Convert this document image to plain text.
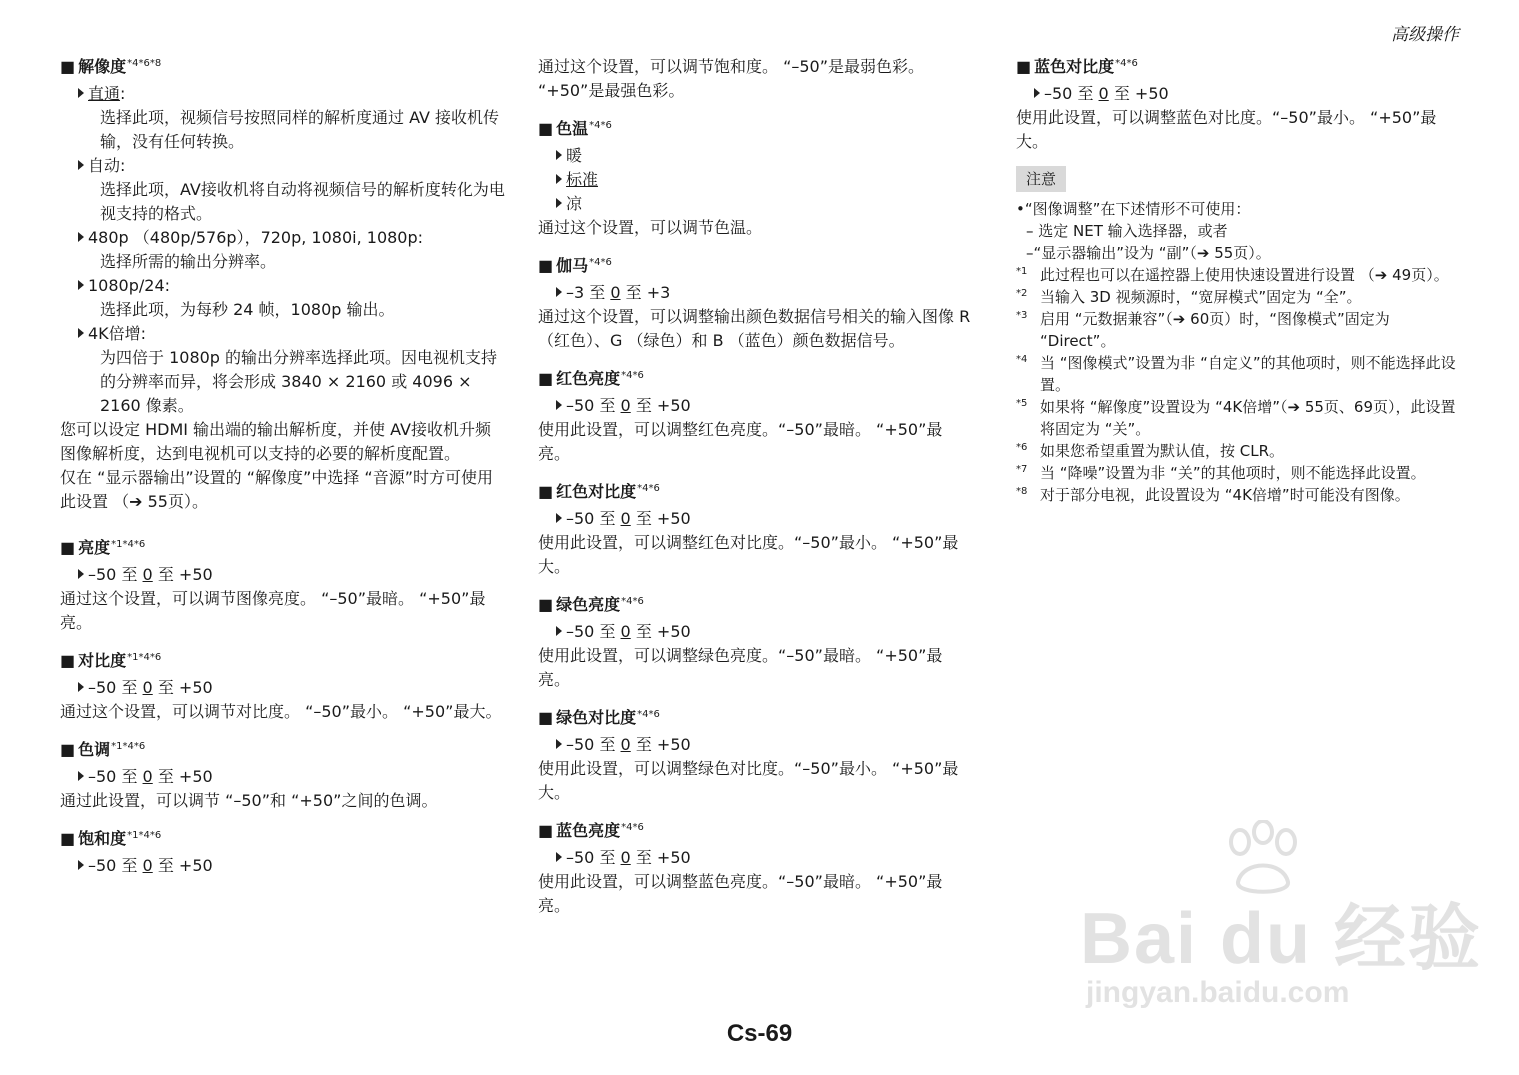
高级操作
■ 解像度 *4*6*8
直通 :
选择此项，视频信号按照同样的解析度通过 AV 接收机传输，没有任何转换。
自动 :
选择此项，AV接收机将自动将视频信号的解析度转化为电视支持的格式。
480p （480p/576p），720p, 1080i, 1080p:
选择所需的输出分辨率。
1080p/24:
选择此项，为每秒 24 帧，1080p 输出。
4K倍增:
为四倍于 1080p 的输出分辨率选择此项。因电视机支持的分辨率而异，将会形成 3840 × 2160 或 4096 × 2160 像素。
您可以设定 HDMI 输出端的输出解析度，并使 AV接收机升频图像解析度，达到电视机可以支持的必要的解析度配置。
仅在 “显示器输出”设置的 “解像度”中选择 “音源”时方可使用此设置 （➔ 55页）。
■ 亮度 *1*4*6
–50 至 0 至 +50
通过这个设置，可以调节图像亮度。 “–50”最暗。 “+50”最亮。
■ 对比度 *1*4*6
–50 至 0 至 +50
通过这个设置，可以调节对比度。 “–50”最小。 “+50”最大。
■ 色调 *1*4*6
–50 至 0 至 +50
通过此设置，可以调节 “–50”和 “+50”之间的色调。
■ 饱和度 *1*4*6
–50 至 0 至 +50
通过这个设置，可以调节饱和度。 “–50”是最弱色彩。 “+50”是最强色彩。
■ 色温 *4*6
暖
标准
凉
通过这个设置，可以调节色温。
■ 伽马 *4*6
–3 至 0 至 +3
通过这个设置，可以调整输出颜色数据信号相关的输入图像 R （红色）、G （绿色）和 B （蓝色）颜色数据信号。
■ 红色亮度 *4*6
–50 至 0 至 +50
使用此设置，可以调整红色亮度。“–50”最暗。 “+50”最亮。
■ 红色对比度 *4*6
–50 至 0 至 +50
使用此设置，可以调整红色对比度。“–50”最小。 “+50”最大。
■ 绿色亮度 *4*6
–50 至 0 至 +50
使用此设置，可以调整绿色亮度。“–50”最暗。 “+50”最亮。
■ 绿色对比度 *4*6
–50 至 0 至 +50
使用此设置，可以调整绿色对比度。“–50”最小。 “+50”最大。
■ 蓝色亮度 *4*6
–50 至 0 至 +50
使用此设置，可以调整蓝色亮度。“–50”最暗。 “+50”最亮。
■ 蓝色对比度 *4*6
–50 至 0 至 +50
使用此设置，可以调整蓝色对比度。“–50”最小。 “+50”最大。
注意
•“图像调整”在下述情形不可使用：
– 选定 NET 输入选择器，或者
–“显示器输出”设为 “副”（➔ 55页）。
*1 此过程也可以在遥控器上使用快速设置进行设置 （➔ 49页）。
*2 当输入 3D 视频源时，“宽屏模式”固定为 “全”。
*3 启用 “元数据兼容”（➔ 60页）时，“图像模式”固定为 “Direct”。
*4 当 “图像模式”设置为非 “自定义”的其他项时，则不能选择此设置。
*5 如果将 “解像度”设置设为 “4K倍增”（➔ 55页、69页），此设置将固定为 “关”。
*6 如果您希望重置为默认值，按 CLR。
*7 当 “降噪”设置为非 “关”的其他项时，则不能选择此设置。
*8 对于部分电视，此设置设为 “4K倍增”时可能没有图像。
Bai du 经验
jingyan.baidu.com
Cs-69
